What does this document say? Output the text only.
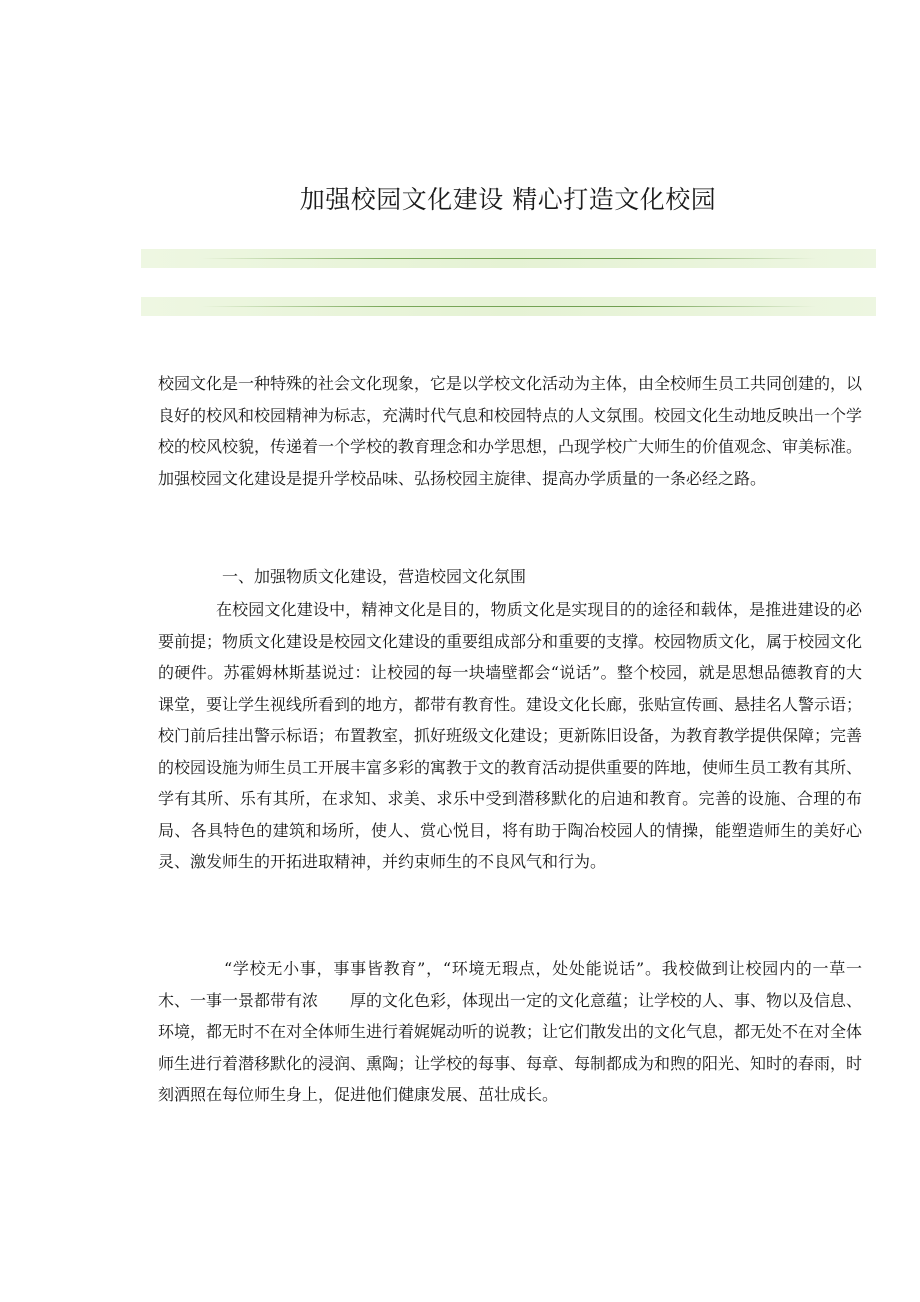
加强校园文化建设 精心打造文化校园

校园文化是一种特殊的社会文化现象，它是以学校文化活动为主体，由全校师生员工共同创建的，以良好的校风和校园精神为标志，充满时代气息和校园特点的人文氛围。校园文化生动地反映出一个学校的校风校貌，传递着一个学校的教育理念和办学思想，凸现学校广大师生的价值观念、审美标准。加强校园文化建设是提升学校品味、弘扬校园主旋律、提高办学质量的一条必经之路。

一、加强物质文化建设，营造校园文化氛围

在校园文化建设中，精神文化是目的，物质文化是实现目的的途径和载体，是推进建设的必要前提；物质文化建设是校园文化建设的重要组成部分和重要的支撑。校园物质文化，属于校园文化的硬件。苏霍姆林斯基说过：让校园的每一块墙壁都会“说话”。整个校园，就是思想品德教育的大课堂，要让学生视线所看到的地方，都带有教育性。建设文化长廊，张贴宣传画、悬挂名人警示语；校门前后挂出警示标语；布置教室，抓好班级文化建设；更新陈旧设备，为教育教学提供保障；完善的校园设施为师生员工开展丰富多彩的寓教于文的教育活动提供重要的阵地，使师生员工教有其所、学有其所、乐有其所，在求知、求美、求乐中受到潜移默化的启迪和教育。完善的设施、合理的布局、各具特色的建筑和场所，使人、赏心悦目，将有助于陶冶校园人的情操，能塑造师生的美好心灵、激发师生的开拓进取精神，并约束师生的不良风气和行为。

“学校无小事，事事皆教育”，“环境无瑕点，处处能说话”。我校做到让校园内的一草一木、一事一景都带有浓　　厚的文化色彩，体现出一定的文化意蕴；让学校的人、事、物以及信息、环境，都无时不在对全体师生进行着娓娓动听的说教；让它们散发出的文化气息，都无处不在对全体师生进行着潜移默化的浸润、熏陶；让学校的每事、每章、每制都成为和煦的阳光、知时的春雨，时刻洒照在每位师生身上，促进他们健康发展、茁壮成长。
